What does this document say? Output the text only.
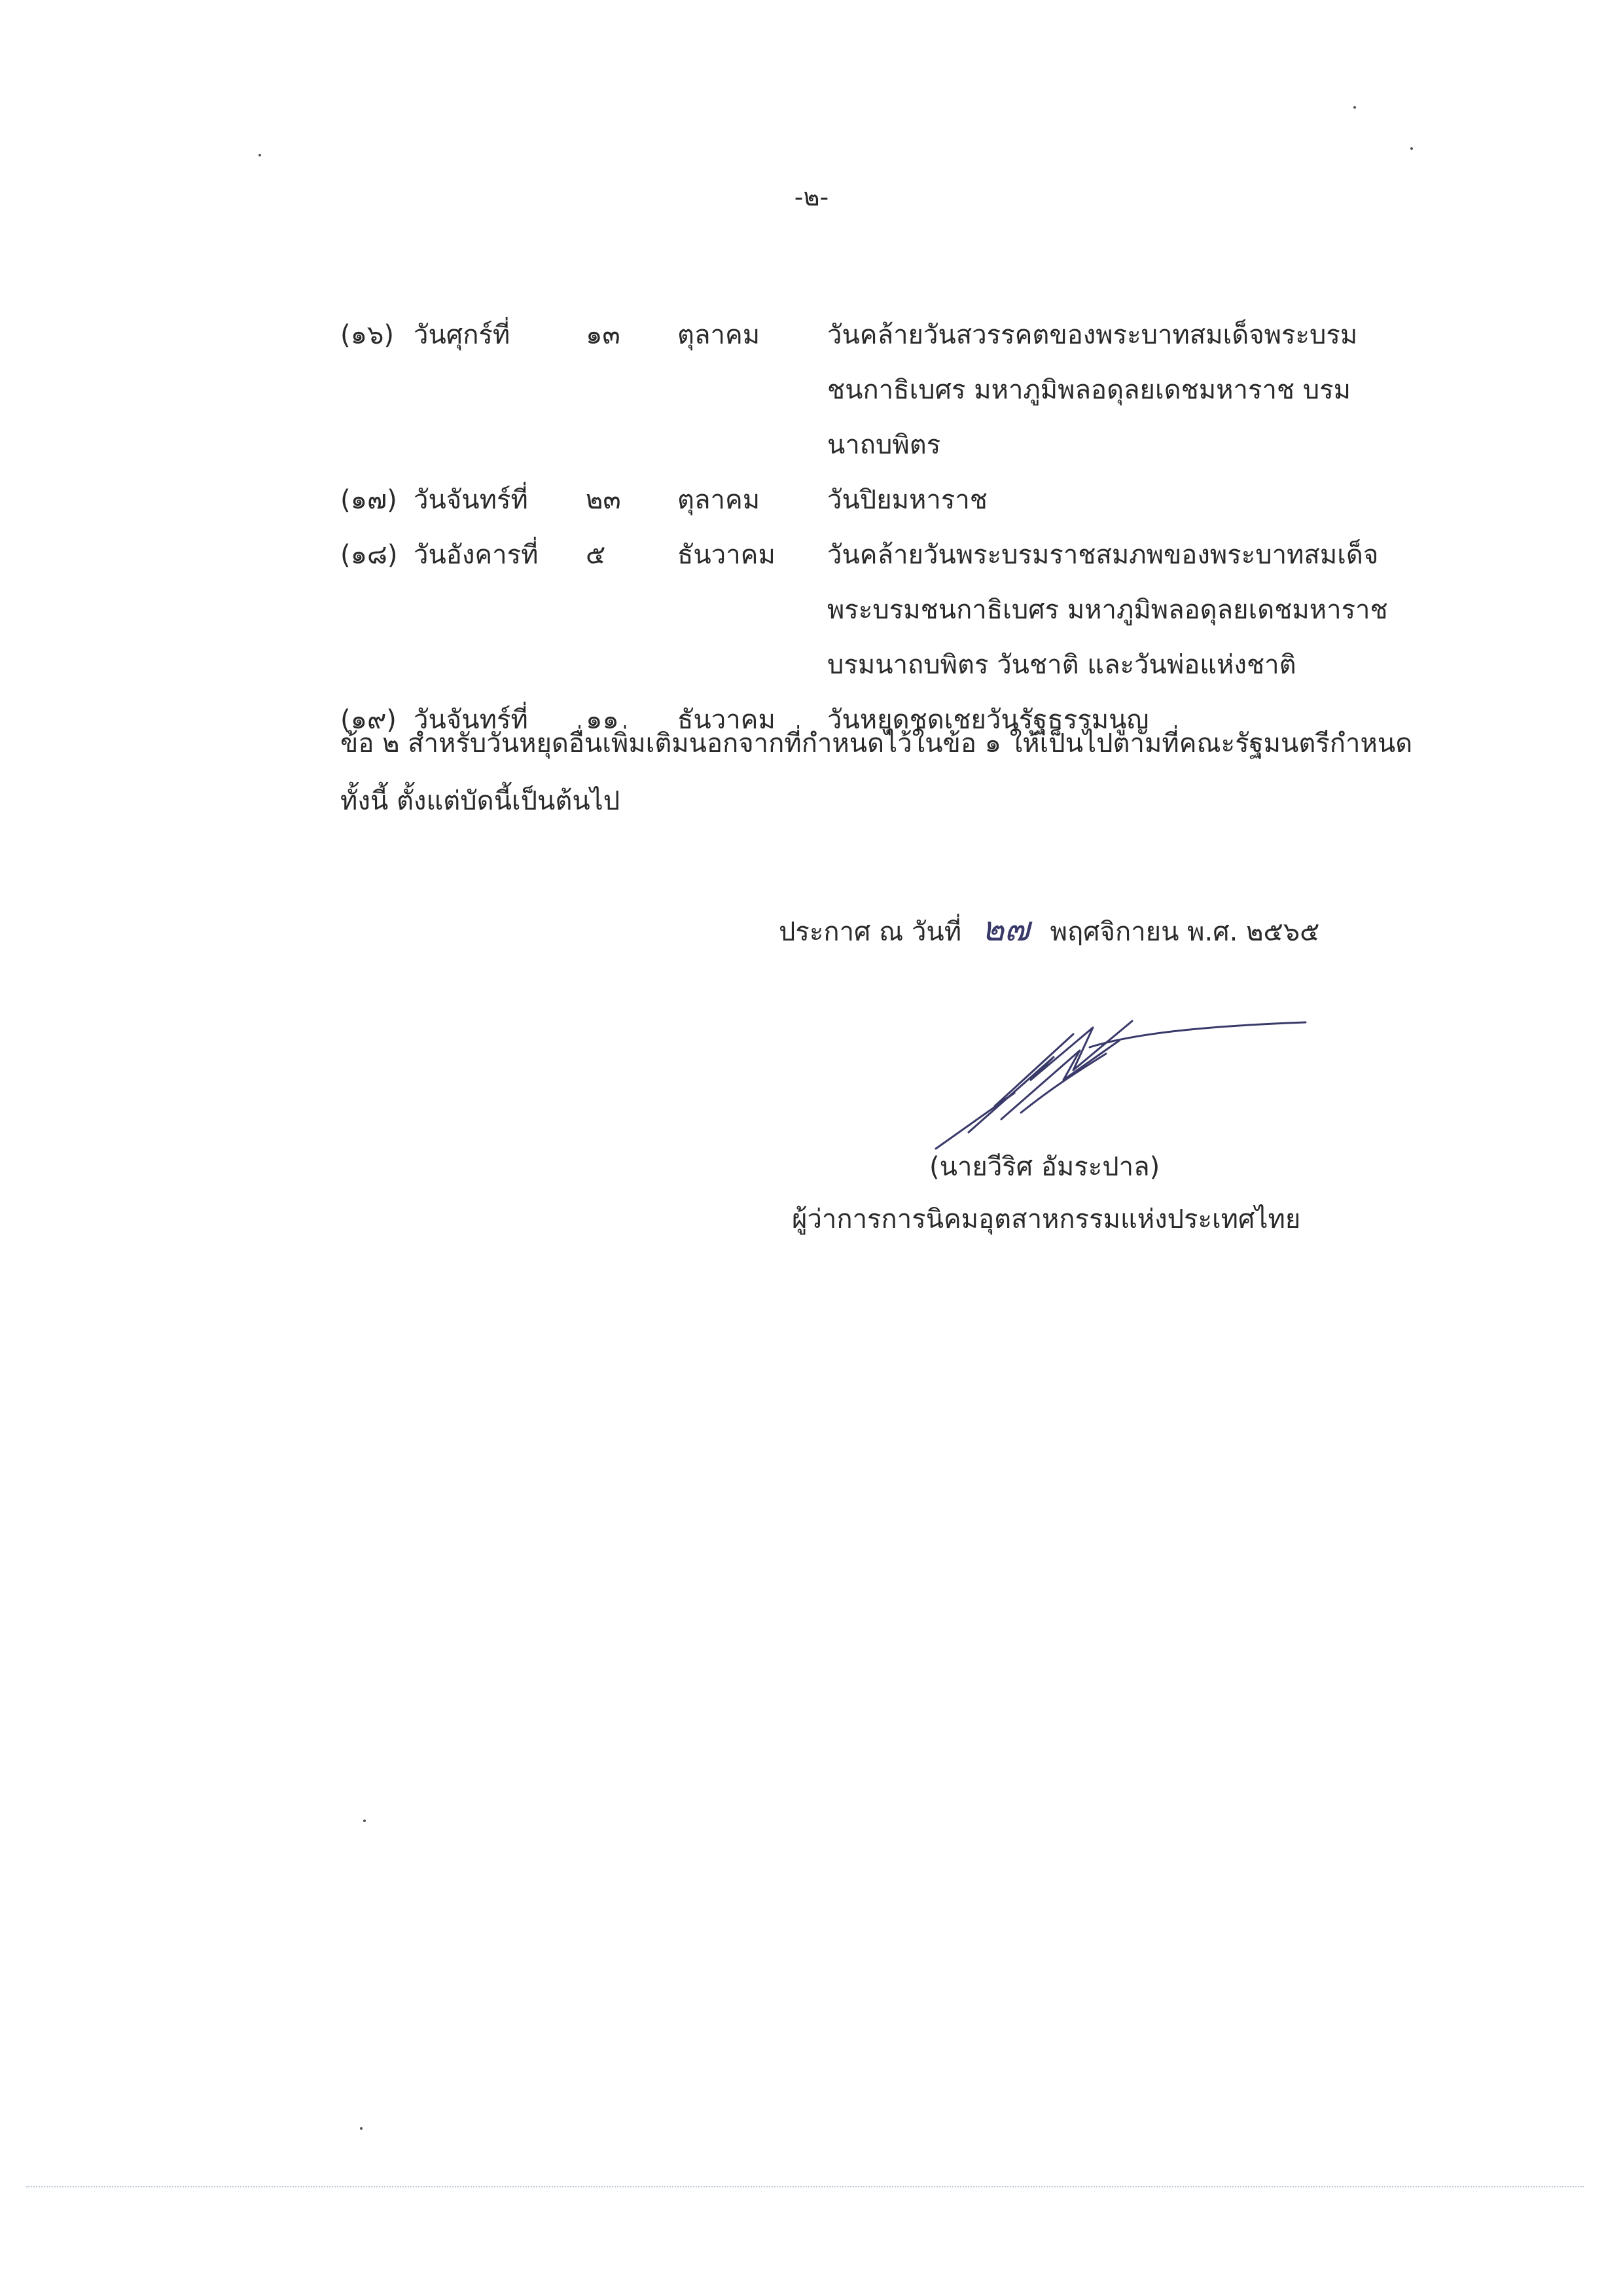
-๒-
(๑๖) วันศุกร์ที่	๑๓ ตุลาคม	วันคล้ายวันสวรรคตของพระบาทสมเด็จพระบรมชนกาธิเบศร มหาภูมิพลอดุลยเดชมหาราช บรมนาถบพิตร
(๑๗) วันจันทร์ที่ ๒๓ ตุลาคม	วันปิยมหาราช
(๑๘) วันอังคารที่ ๕	ธันวาคม วันคล้ายวันพระบรมราชสมภพของพระบาทสมเด็จพระบรมชนกาธิเบศร มหาภูมิพลอดุลยเดชมหาราช บรมนาถบพิตร วันชาติ และวันพ่อแห่งชาติ
(๑๙) วันจันทร์ที่ ๑๑ ธันวาคม วันหยุดชดเชยวันรัฐธรรมนูญ
ข้อ ๒ สำหรับวันหยุดอื่นเพิ่มเติมนอกจากที่กำหนดไว้ในข้อ ๑ ให้เป็นไปตามที่คณะรัฐมนตรีกำหนด
ทั้งนี้ ตั้งแต่บัดนี้เป็นต้นไป
ประกาศ ณ วันที่ ๒๗ พฤศจิกายน พ.ศ. ๒๕๖๕
(นายวีริศ อัมระปาล)
ผู้ว่าการการนิคมอุตสาหกรรมแห่งประเทศไทย
